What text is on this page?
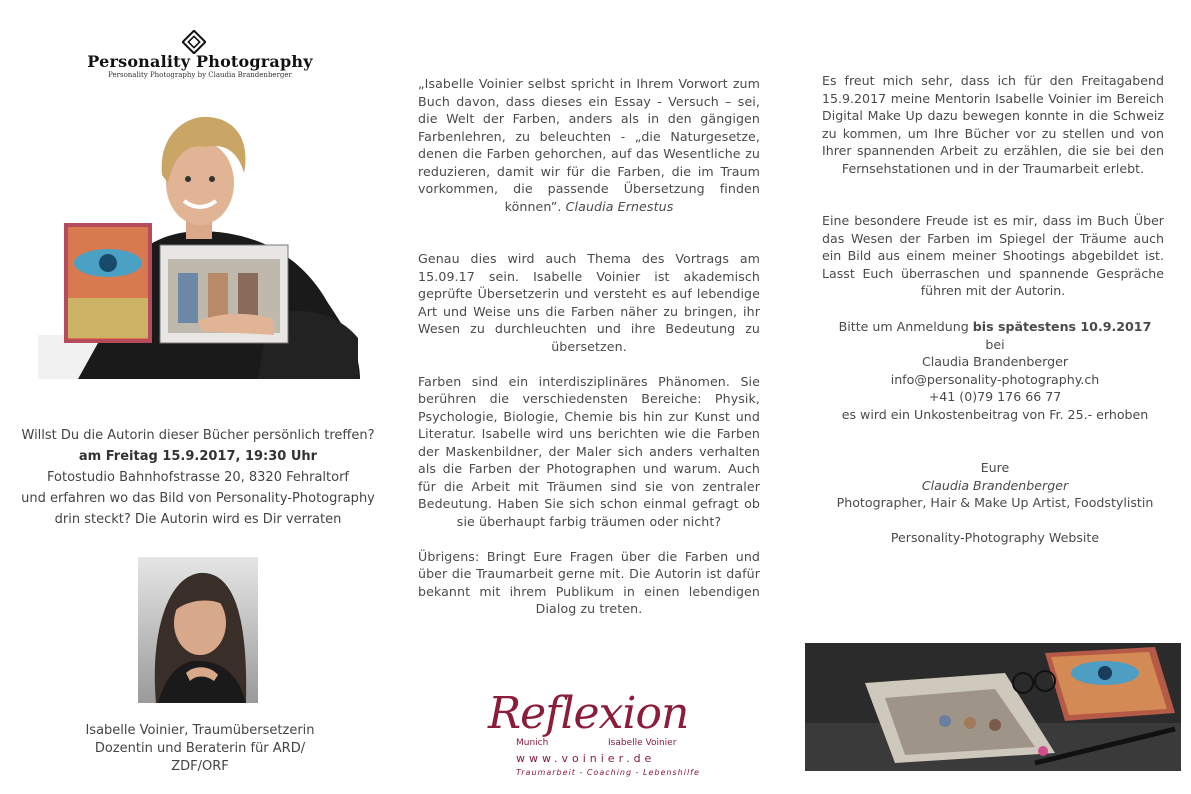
Personality Photography
Personality Photography by Claudia Brandenberger
Willst Du die Autorin dieser Bücher persönlich treffen?
am Freitag 15.9.2017, 19:30 Uhr
Fotostudio Bahnhofstrasse 20, 8320 Fehraltorf
und erfahren wo das Bild von Personality-Photography
drin steckt? Die Autorin wird es Dir verraten
Isabelle Voinier, Traumübersetzerin
Dozentin und Beraterin für ARD/
ZDF/ORF

„Isabelle Voinier selbst spricht in Ihrem Vorwort zum Buch davon, dass dieses ein Essay - Versuch – sei, die Welt der Farben, anders als in den gängigen Farbenlehren, zu beleuchten - „die Naturgesetze, denen die Farben gehorchen, auf das Wesentliche zu reduzieren, damit wir für die Farben, die im Traum vorkommen, die passende Übersetzung finden können”. Claudia Ernestus

Genau dies wird auch Thema des Vortrags am 15.09.17 sein. Isabelle Voinier ist akademisch geprüfte Übersetzerin und versteht es auf lebendige Art und Weise uns die Farben näher zu bringen, ihr Wesen zu durchleuchten und ihre Bedeutung zu übersetzen.

Farben sind ein interdisziplinäres Phänomen. Sie berühren die verschiedensten Bereiche: Physik, Psychologie, Biologie, Chemie bis hin zur Kunst und Literatur. Isabelle wird uns berichten wie die Farben der Maskenbildner, der Maler sich anders verhalten als die Farben der Photographen und warum. Auch für die Arbeit mit Träumen sind sie von zentraler Bedeutung. Haben Sie sich schon einmal gefragt ob sie überhaupt farbig träumen oder nicht?

Übrigens: Bringt Eure Fragen über die Farben und über die Traumarbeit gerne mit. Die Autorin ist dafür bekannt mit ihrem Publikum in einen lebendigen Dialog zu treten.

Reflexion
Munich	Isabelle Voinier
www.voinier.de
Traumarbeit - Coaching - Lebenshilfe

Es freut mich sehr, dass ich für den Freitagabend 15.9.2017 meine Mentorin Isabelle Voinier im Bereich Digital Make Up dazu bewegen konnte in die Schweiz zu kommen, um Ihre Bücher vor zu stellen und von Ihrer spannenden Arbeit zu erzählen, die sie bei den Fernsehstationen und in der Traumarbeit erlebt.

Eine besondere Freude ist es mir, dass im Buch Über das Wesen der Farben im Spiegel der Träume auch ein Bild aus einem meiner Shootings abgebildet ist. Lasst Euch überraschen und spannende Gespräche führen mit der Autorin.

Bitte um Anmeldung bis spätestens 10.9.2017
bei
Claudia Brandenberger
info@personality-photography.ch
+41 (0)79 176 66 77
es wird ein Unkostenbeitrag von Fr. 25.- erhoben
Eure
Claudia Brandenberger
Photographer, Hair & Make Up Artist, Foodstylistin
Personality-Photography Website
